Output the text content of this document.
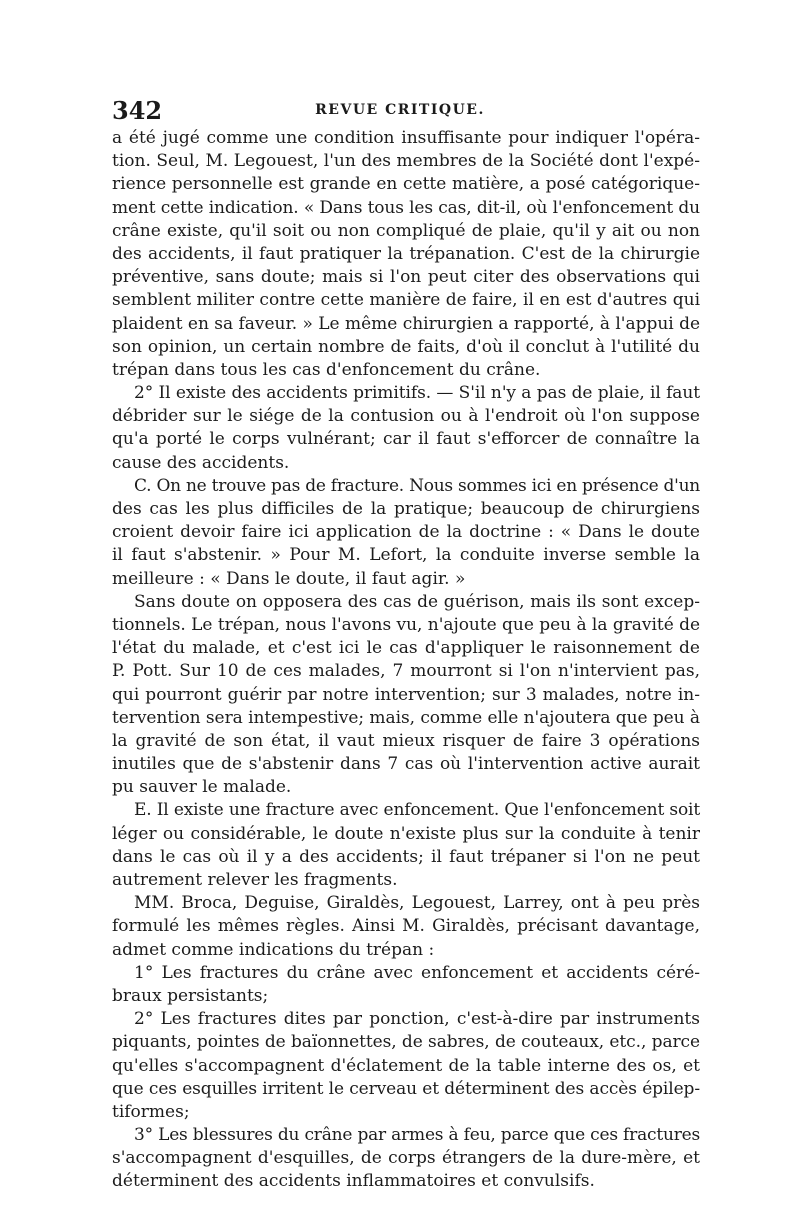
342	REVUE CRITIQUE.
a été jugé comme une condition insuffisante pour indiquer l'opéra-
tion. Seul, M. Legouest, l'un des membres de la Société dont l'expé-
rience personnelle est grande en cette matière, a posé catégorique-
ment cette indication. « Dans tous les cas, dit-il, où l'enfoncement du
crâne existe, qu'il soit ou non compliqué de plaie, qu'il y ait ou non
des accidents, il faut pratiquer la trépanation. C'est de la chirurgie
préventive, sans doute; mais si l'on peut citer des observations qui
semblent militer contre cette manière de faire, il en est d'autres qui
plaident en sa faveur. » Le même chirurgien a rapporté, à l'appui de
son opinion, un certain nombre de faits, d'où il conclut à l'utilité du
trépan dans tous les cas d'enfoncement du crâne.
2° Il existe des accidents primitifs. — S'il n'y a pas de plaie, il faut
débrider sur le siége de la contusion ou à l'endroit où l'on suppose
qu'a porté le corps vulnérant; car il faut s'efforcer de connaître la
cause des accidents.
C. On ne trouve pas de fracture. Nous sommes ici en présence d'un
des cas les plus difficiles de la pratique; beaucoup de chirurgiens
croient devoir faire ici application de la doctrine : « Dans le doute
il faut s'abstenir. » Pour M. Lefort, la conduite inverse semble la
meilleure : « Dans le doute, il faut agir. »
Sans doute on opposera des cas de guérison, mais ils sont excep-
tionnels. Le trépan, nous l'avons vu, n'ajoute que peu à la gravité de
l'état du malade, et c'est ici le cas d'appliquer le raisonnement de
P. Pott. Sur 10 de ces malades, 7 mourront si l'on n'intervient pas,
qui pourront guérir par notre intervention; sur 3 malades, notre in-
tervention sera intempestive; mais, comme elle n'ajoutera que peu à
la gravité de son état, il vaut mieux risquer de faire 3 opérations
inutiles que de s'abstenir dans 7 cas où l'intervention active aurait
pu sauver le malade.
E. Il existe une fracture avec enfoncement. Que l'enfoncement soit
léger ou considérable, le doute n'existe plus sur la conduite à tenir
dans le cas où il y a des accidents; il faut trépaner si l'on ne peut
autrement relever les fragments.
MM. Broca, Deguise, Giraldès, Legouest, Larrey, ont à peu près
formulé les mêmes règles. Ainsi M. Giraldès, précisant davantage,
admet comme indications du trépan :
1° Les fractures du crâne avec enfoncement et accidents céré-
braux persistants;
2° Les fractures dites par ponction, c'est-à-dire par instruments
piquants, pointes de baïonnettes, de sabres, de couteaux, etc., parce
qu'elles s'accompagnent d'éclatement de la table interne des os, et
que ces esquilles irritent le cerveau et déterminent des accès épilep-
tiformes;
3° Les blessures du crâne par armes à feu, parce que ces fractures
s'accompagnent d'esquilles, de corps étrangers de la dure-mère, et
déterminent des accidents inflammatoires et convulsifs.
